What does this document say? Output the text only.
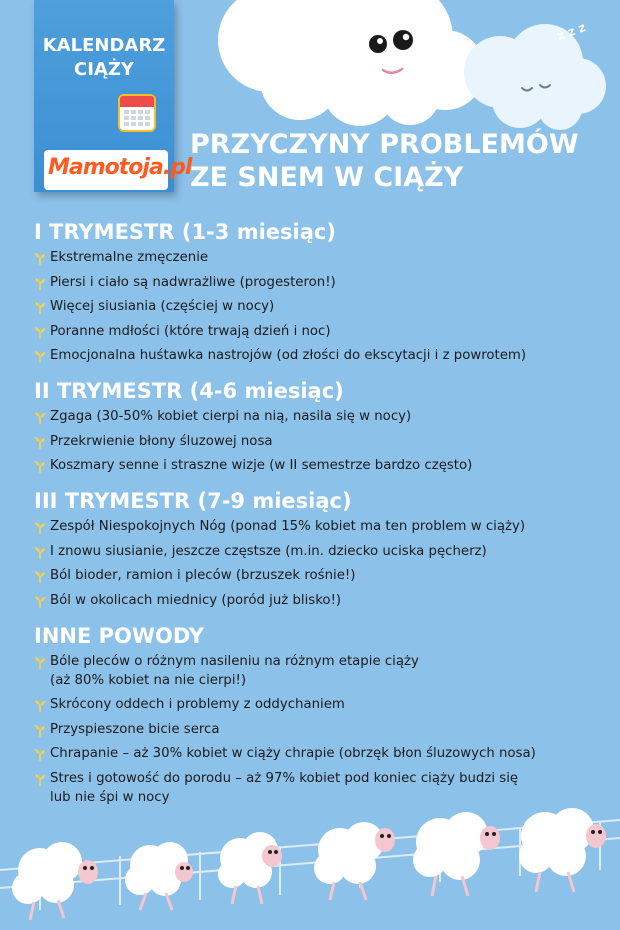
z z z
KALENDARZ
CIĄŻY
Mamotoja.pl
PRZYCZYNY PROBLEMÓW
ZE SNEM W CIĄŻY
I TRYMESTR (1-3 miesiąc)
Ekstremalne zmęczenie
Piersi i ciało są nadwrażliwe (progesteron!)
Więcej siusiania (częściej w nocy)
Poranne mdłości (które trwają dzień i noc)
Emocjonalna huśtawka nastrojów (od złości do ekscytacji i z powrotem)
II TRYMESTR (4-6 miesiąc)
Zgaga (30-50% kobiet cierpi na nią, nasila się w nocy)
Przekrwienie błony śluzowej nosa
Koszmary senne i straszne wizje (w II semestrze bardzo często)
III TRYMESTR (7-9 miesiąc)
Zespół Niespokojnych Nóg (ponad 15% kobiet ma ten problem w ciąży)
I znowu siusianie, jeszcze częstsze (m.in. dziecko uciska pęcherz)
Ból bioder, ramion i pleców (brzuszek rośnie!)
Ból w okolicach miednicy (poród już blisko!)
INNE POWODY
Bóle pleców o różnym nasileniu na różnym etapie ciąży
(aż 80% kobiet na nie cierpi!)
Skrócony oddech i problemy z oddychaniem
Przyspieszone bicie serca
Chrapanie – aż 30% kobiet w ciąży chrapie (obrzęk błon śluzowych nosa)
Stres i gotowość do porodu – aż 97% kobiet pod koniec ciąży budzi się
lub nie śpi w nocy
